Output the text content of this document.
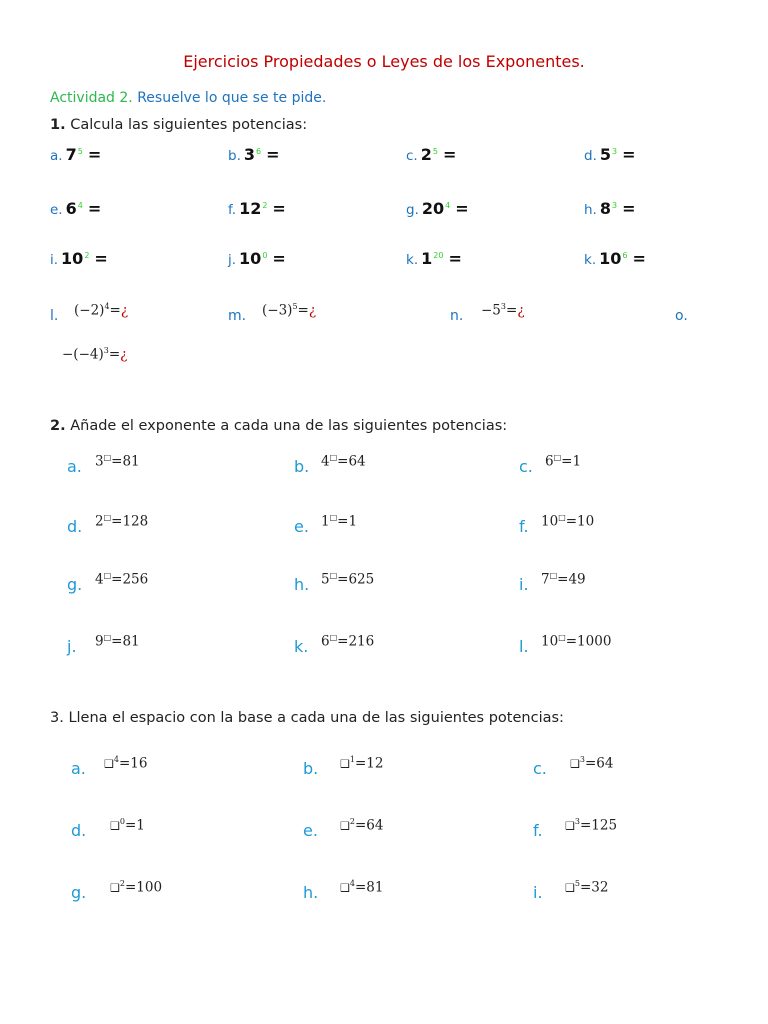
Ejercicios Propiedades o Leyes de los Exponentes.
Actividad 2. Resuelve lo que se te pide.
1. Calcula las siguientes potencias:
a. $7^5$ =	b. $3^6$ =	c. $2^5$ =	d. $5^3$ =
e. $6^4$ =	f. $12^2$ =	g. $20^4$ =	h. $8^3$ =
i. $10^2$ =	j. $10^0$ =	k. $1^{20}$ =	k. $10^6$ =
l. $(-2)^4=¿$	m. $(-3)^5=¿$	n. $-5^3=¿$	o.
$-(-4)^3=¿$
2. Añade el exponente a cada una de las siguientes potencias:
a. 3□=81	b. 4□=64	c. 6□=1
d. 2□=128	e. 1□=1	f. 10□=10
g. 4□=256	h. 5□=625	i. 7□=49
j. 9□=81	k. 6□=216	l. 10□=1000
3. Llena el espacio con la base a cada una de las siguientes potencias:
a. ❑$^4$=16	b. ❑$^1$=12	c. ❑$^3$=64
d. ❑$^0$=1	e. ❑$^2$=64	f. ❑$^3$=125
g. ❑$^2$=100	h. ❑$^4$=81	i. ❑$^5$=32
